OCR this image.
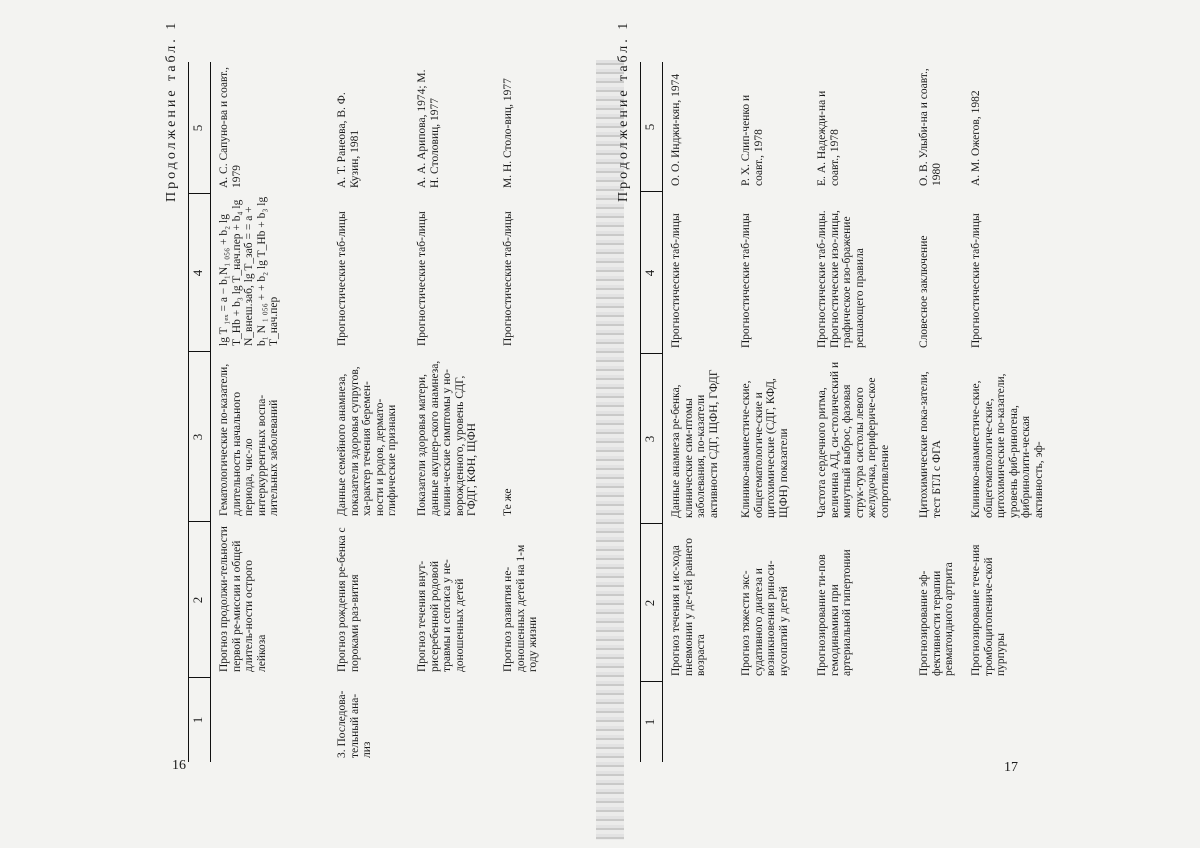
16
Продолжение табл. 1
1
2
3
4
5
Прогноз продолжи-тельности первой ре-миссии и общей длитель-ности острого лейкоза
Гематологические по-казатели, длительность начального периода, чис-ло интеркуррентных воспа-лительных заболеваний
lg T ₁ₑₓ = a − b₁N₁ ₀₅₆ + b₂ lg T_Hb + b₃ lg T_нач.пер + b₄ lg N_внеш.заб, lg T_заб = = a + b₁ N ₁ ₀₅₆ + + b₂ lg T_Hb + b₃ lg T_нач.пер
А. С. Сапуно-ва и соавт., 1979
3. Последова-тельный ана-лиз
Прогноз рождения ре-бенка с пороками раз-вития
Данные семейного анамнеза, показатели здоровья супругов, ха-рактер течения беремен-ности и родов, дермато-глифические признаки
Прогностические таб-лицы
А. Т. Ранеова, В. Ф. Кузин, 1981
Прогноз течения внут-рисеребенной родовой травмы и сепсиса у не-доношенных детей
Показатели здоровья матери, данные акушер-ского анамнеза, клини-ческие симптомы у но-ворожденного, уровень СДГ, ГФДГ, КФН, ЩФН
Прогностические таб-лицы
А. А. Арипова, 1974; М. Н. Столовиц, 1977
Прогноз развития не-доношенных детей на 1-м году жизни
Те же
Прогностические таб-лицы
М. Н. Столо-виц, 1977
17
Продолжение табл. 1
1
2
3
4
5
Прогноз течения и ис-хода пневмонии у де-тей раннего возраста
Данные анамнеза ре-бенка, клинические сим-птомы заболевания, по-казатели активности СДГ, ЩФН, ГФДГ
Прогностические таб-лицы
О. О. Инджи-кян, 1974
Прогноз тяжести экс-судативного диатеза и возникновения риноси-нусопатий у детей
Клинико-анамнестиче-ские, общегематологиче-ские и цитохимические (СДГ, КФД, ЩФН) показатели
Прогностические таб-лицы
Р. Х. Слип-ченко и соавт., 1978
Прогнозирование ти-пов гемодинамики при артериальной гипертонии
Частота сердечного ритма, величина АД, си-столический и минутный выброс, фазовая струк-тура систолы левого желудочка, перифериче-ское сопротивление
Прогностические таб-лицы. Прогностические изо-лицы, графическое изо-бражение решающего правила
Е. А. Надежди-на и соавт., 1978
Прогнозирование эф-фективности терапии ревматоидного артрита
Цитохимические пока-затели, тест БТЛ с ФГА
Словесное заключение
О. В. Улыби-на и соавт., 1980
Прогнозирование тече-ния тромбоцитопениче-ской пурпуры
Клинико-анамнестиче-ские, общегематологиче-ские, цитохимические по-казатели, уровень фиб-риногена, фибринолити-ческая активность, эф-
Прогностические таб-лицы
А. М. Ожегов, 1982
